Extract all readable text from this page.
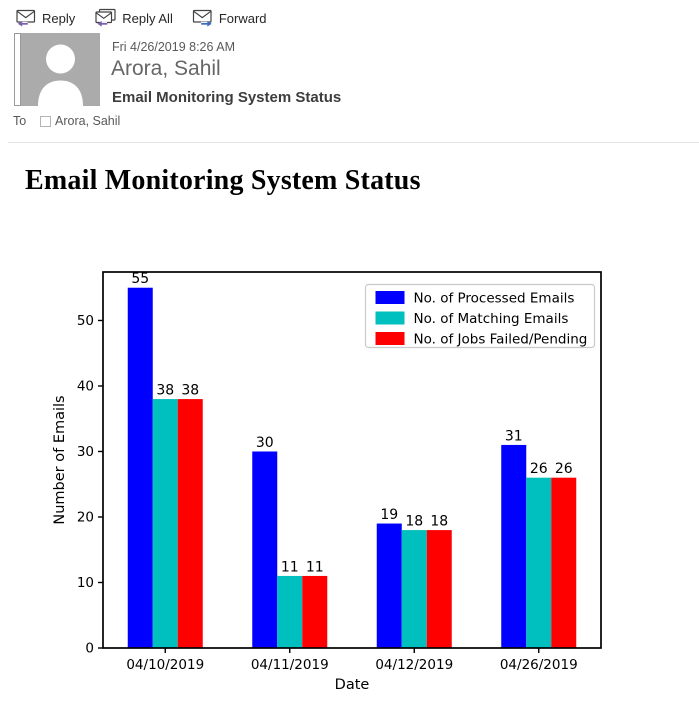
Reply	Reply All	Forward
Fri 4/26/2019 8:26 AM
Arora, Sahil
Email Monitoring System Status
To	Arora, Sahil
Email Monitoring System Status
55
30
19
31
38
11
18
26
38
11
18
26
0
10
20
30
40
50
04/10/2019	04/11/2019	04/12/2019	04/26/2019
Date
Number of Emails
No. of Processed Emails
No. of Matching Emails
No. of Jobs Failed/Pending
